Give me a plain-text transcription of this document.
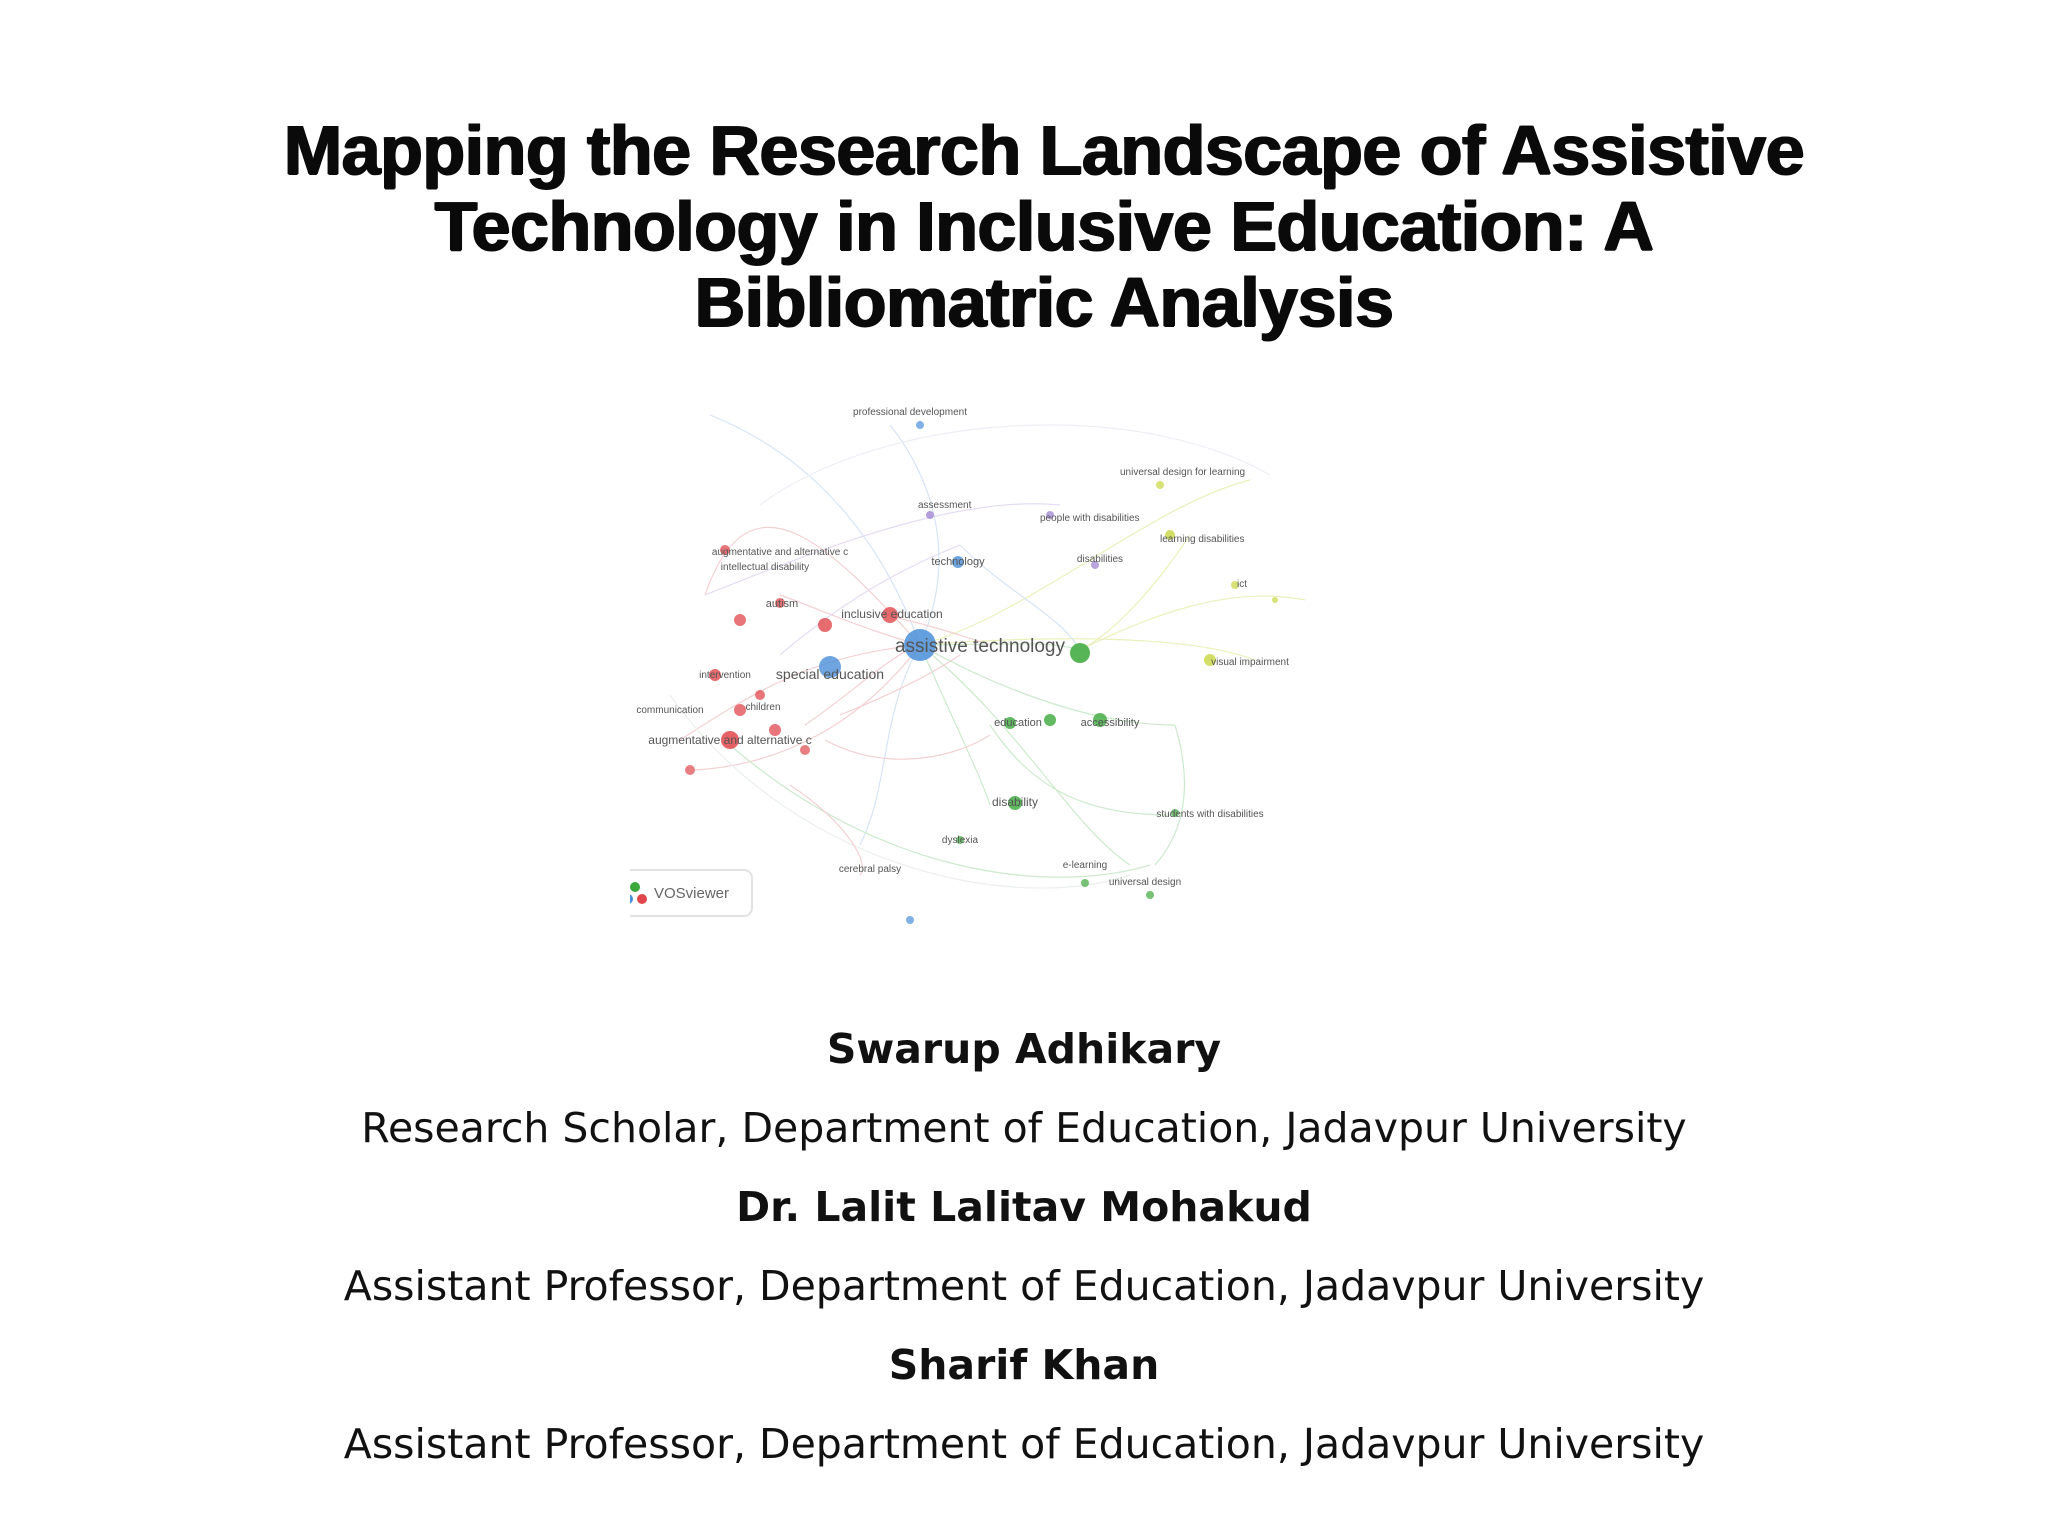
Mapping the Research Landscape of Assistive
Technology in Inclusive Education: A
Bibliomatric Analysis
professional development
universal design for learning
assessment
people with disabilities
learning disabilities
augmentative and alternative c
intellectual disability	technology	disabilities
ict
autism
inclusive education
assistive technology
visual impairment
intervention special education
communication	children
augmentative and alternative c
education	accessibility
disability
students with disabilities
dyslexia
cerebral palsy	e-learning
universal design
VOSviewer
Swarup Adhikary
Research Scholar, Department of Education, Jadavpur University
Dr. Lalit Lalitav Mohakud
Assistant Professor, Department of Education, Jadavpur University
Sharif Khan
Assistant Professor, Department of Education, Jadavpur University
